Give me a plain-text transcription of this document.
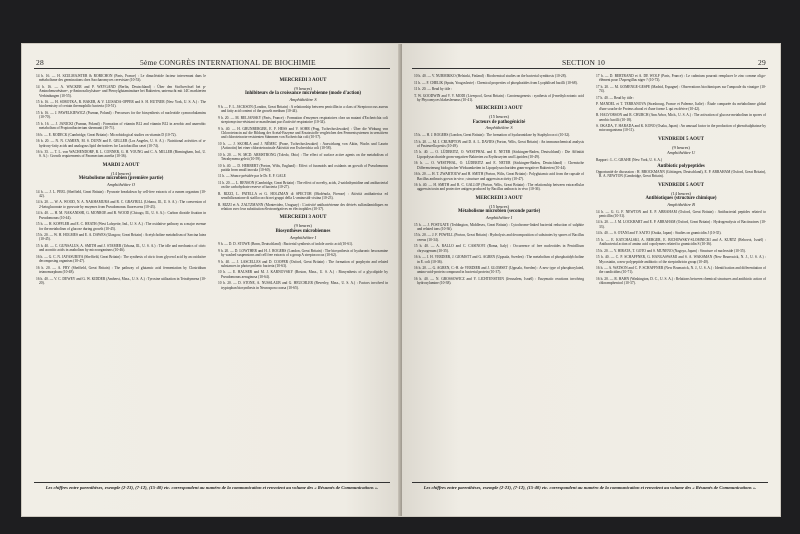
28	5ème CONGRÈS INTERNATIONAL DE BIOCHIMIE
14 b. 16. — H. SZULMAJSTER & ROBICHON (Paris, France) : Le dinucléotide facteur intervenant dans le métabolisme des germinations chez Saccharomyces cerevisiae (10-53).
14 b. 16. — A. WACKER and P. WEYGAND (Berlin, Deutschland) : Über den Stoffwechsel bei p-Aminobenzoësäure-, p-Aminosalicylsäure- und Pteroylglutaminsäure bei Bakterien, untersucht mit 14C markierten Verbindungen (10-55).
15 b. 16. — H. SOROTKA, R. BAKER, & V. LUISADA-OPPER and S. H. HUTNER (New York, U. S. A.) : The biochemistry of certain thermophilic bacteria (10-51).
15 b. 16. — J. PAWELKIEWICZ (Poznan, Poland) : Precursors for the biosynthesis of nucleotide cyanocobalamins (10-70).
15 b. 16. — J. JANICKI (Poznan, Poland) : Formation of vitamin B12 and vitamin B12 in aerobic and anaerobic metabolism of Propionibacterium shermanii (10-71).
16 b. — E. RODECK (Cambridge, Great Britain) : Microbiological studies on vitamin D (10-72).
16 b. 20. — N. N. CAMIEN, M. S. DUNN and E. GELLER (Los Angeles, U. S. A.) : Nutritional activities of α-hydroxy-fatty acids and analogous lipid derivatives for Lactobacillus casei (10-74).
16 b. 35. — T. L. von WACHENDORF, R. L. CONNER, G. H. YOUNG and C. A. MILLER (Birmingham, Ind., U. S. A.) : Growth requirements of Paramecium aurelia (10-36).
MARDI 2 AOUT
(14 heures)
Métabolisme microbien (première partie)
Amphithéâtre O
14 h. — J. L. PEEL (Sheffield, Great Britain) : Pyruvate breakdown by cell-free extracts of a rumen organism (10-42).
14 h. 20. — W. A. WOOD, N. A. NAKHAMURA and R. C. GRAYBILL (Urbana, Ill., U. S. A.) : The conversion of 2-ketogluconate to pyruvate by enzymes from Pseudomonas fluorescens (10-43).
14 h. 40. — H. M. NAKANISHI, G. MONROE and B. WOOD (Chicago, Ill., U. S. A.) : Carbon dioxide fixation in Pseudomonas (10-44).
15 h. — H. KOFFLER and E. C. HEATH (West Lafayette, Ind., U. S. A.) : The oxidative pathway as a major avenue for the metabolism of glucose during growth (10-45).
15 h. 20. — W. H. HOLMES and E. A. DAWES (Glasgow, Great Britain) : Acetylcholine metabolism of Sarcina lutea (10-45).
15 h. 40. — C. GUNSALUS, A. SMITH and J. STAMER (Urbana, Ill., U. S. A.) : The idle and mechanics of citric and aconitic acids in anabolism by microorganisms (10-46).
16 h. — G. C. N. JAYASURIYA (Sheffield, Great Britain) : The synthesis of citric from glycerol acid by an oxidative decomposing organism (10-47).
16 h. 20. — A. FRY (Sheffield, Great Britain) : The pathway of glutamic acid fermentation by Clostridium tetanomorphum (10-48).
16 h. 40. — V. C. DEWEY and G. W. KIDDER (Amherst, Mass., U. S. A.) : Tyrosine utilization in Tetrahymena (10-20).
MERCREDI 3 AOUT
(9 heures)
Inhibiteurs de la croissance microbienne (mode d'action)
Amphithéâtre S
9 h. — F. L. JACKSON (London, Great Britain) : A relationship between penicillin in a class of Streptococcus aureus and fatty acid content of the growth medium (10-44).
9 h. 20. — M. BELJANSKY (Paris, France) : Formation d'enzymes respiratoires chez un mutant d'Escherichia coli streptomycino-résistant se manifestant par d'activité respiratoire (10-34).
9 h. 40. — H. GRUNBERGER, E. F. HESS and V. SOHR (Prag, Tschechoslowakei) : Über die Wirkung von Chlorotetracin auf die Bildung der Acetal-Enzyme und Ersatzstoffe vergleichen den Fermentsystemen in sensitiven und chlorotetracin-resistenten Stämmen von Escherichia coli (10-57).
10 h. — J. SKOBLA and J. NÉMEC (Praze, Tschechoslowakei) : Auswirkung von Aktin, Wachs und Laurin (Actinotin) bei einer chlorotetracinale Aktivität von Escherichia coli (10-58).
10 h. 20. — W. MCD. ARMSTRONG (Toledo, Ohio) : The effect of surface active agents on the metabolism of Tetrahymena geleii (10-59).
10 h. 40. — D. HERBERT (Porton, Wilts, England) : Effect of furanoids and oxidants on growth of Pseudomonas putida from small inocula (10-60).
11 h. — Séance présidée par le Dr. E. F. GALE
11 h. 20. — L. BENSON (Cambridge, Great Britain) : The effect of novelty, acids, 2-azidothymidine and antibacterial on the carbohydrate reserve of bacteria (10-27).
R. RIZZI, L. PATELLA et G. HOLZMAN di SPECTOR (Modénola, Firenze) : Attività antibatterica ed sensibilizzazione di stafilococchi nei gruppi della L-aminosidi-cistina (10-23).
R. RIZZI et A. ZALTZMANN (Montevideo, Uruguay) : L'activité antibactérienne des dérivés sulfanilamidiques en relation avec leur substitution électronégatives en électrophiles (10-37).
MERCREDI 3 AOUT
(9 heures)
Biosynthèses microbiennes
Amphithéâtre I
9 h. — D. D. STOWE (Bonn, Deutschland) : Bacterial synthesis of indole acetic acid (10-61).
9 h. 20. — D. LOWTHER and H. J. ROGERS (London, Great Britain) : The biosynthesis of hyaluronic hexosamine by washed suspensions and cell free extracts of a group A streptococcus (10-62).
9 h. 40. — J. LASCELLES and D. COOPER (Oxford, Great Britain) : The formation of porphyrin and related substances in photosynthetic bacteria (10-63).
10 h. — E. HAUSER and M. J. KARNOVSKY (Boston, Mass., U. S. A.) : Biosynthesis of a glycolipide by Pseudomonas aeruginosa (10-64).
10 h. 20. — D. STONE, A. NUSSLAUB and G. HEUCHLER (Beverley, Mass., U. S. A.) : Factors involved in tryptophan biosynthesis in Neurospora crassa (10-65).
Les chiffres entre parenthèses, exemple (2-23), (7-12), (15-40) etc. correspondent au numéro de la communication et renvoient au volume des « Résumés de Communications ».
SECTION 10	29
10 h. 40. — V. NURMIKKO (Helsinki, Finland) : Biochemical studies on the bacterial symbiosis (10-28).
11 h. — F. CHELIK (Spain, Yougoslavie) : Chemical properties of phosphatides from Lyophilised bacilli (10-68).
11 h. 20. — Read by title :
T. W. GOODWIN and V. V. MODI (Liverpool, Great Britain) : Carotenogenesis : synthesis of β-methylcrotonic acid by Phycomyces blakesleeanus (10-41).
MERCREDI 3 AOUT
(15 heures)
Facteurs de pathogénicité
Amphithéâtre S
15 h. — H. J. ROGERS (London, Great Britain) : The formation of hyaluronidase by Staphylococci (10-32).
15 h. 20. — M. J. CRUMPTON and D. A. L. DAVIES (Porton, Wilts, Great Britain) : An immunochemical analysis of Pasteurella pestis (10-49).
15 h. 40. — O. LÜDERITZ, O. WESTPHAL and E. NETER (Säckingen-Baden, Deutschland) : Die Affinität Lipopolysaccharide grom-negativer Bakterien zu Erythrozyten und Lipoiden (10-49).
16 h. — O. WESTPHAL, O. LÜDERITZ and E. NETER (Säckingen-Baden, Deutschland) : Chemische Differenzierung biologischer Wirksamkeiten in Lipopolysacchariden gram-negativer Bakterien (10-44).
16 h. 20. — H. T. ZWARTOUW and H. SMITH (Porton, Wilts, Great Britain) : Polyglutamic acid from the capsule of Bacillus anthracis grown in vivo ; structure and aggressin activity (10-47).
16 h. 40. — H. SMITH and R. C. GALLOP (Porton, Wilts, Great Britain) : The relationship between extracellular aggressin toxin and protective antigen produced by Bacillus anthracis in vivo (10-36).
MERCREDI 3 AOUT
(15 heures)
Métabolisme microbien (seconde partie)
Amphithéâtre I
15 h. — J. POSTGATE (Teddington, Middlesex, Great Britain) : Cytochrome-linked bacterial reduction of sulphite and related ions (10-36).
15 h. 20. — J. F. POWELL (Porton, Great Britain) : Hydrolysis and decomposition of substrates by spores of Bacillus cereus (10-34).
15 h. 40. — A. RALLO and C. CASINOVI (Roma, Italy) : Occurrence of free nucleotides in Penicillium chrysogenum (10-35).
16 h. — J. H. VERDIER, J. GIOMSTT and G. AGREN (Uppsala, Sweden) : The metabolism of phosphatidylcholine in E. coli (10-36).
16 h. 20. — G. AGREN, C.-H. de VERDIER and J. GLOMSET (Uppsala, Sweden) : A new type of phosphorylated, amino-acid-protein compound in bacterial protein (10-37).
16 h. 40. — N. GROSSOWICZ and Y. LICHTENSTEIN (Jerusalem, Israël) : Enzymatic reactions involving hydroxylamine (10-38).
17 h. — D. BERTRAND et A. DE WOLF (Paris, France) : Le cadmium pourrait remplacer le zinc comme oligo-élément pour l'Aspergillus niger ? (10-73).
17 h. 20. — M. GOMENGE-GESPE (Madrid, Espagne) : Observations biochimiques sur l'ampoule du vinaigre (10-74).
17 h. 40. — Read by title :
P. MANDEL et T. TERRANOVA (Strasbourg, France et Palerme, Italie) : Étude comparée du métabolisme global d'une souche de Proteus aboral et d'une forme L qui en dérive (10-42).
R. HALVORSON and R. CHURCH (Ann Arbor, Mich., U. S. A.) : The activation of glucose metabolism in spores of aerobic bacilli (10-18).
S. OKADA, Y. HARADA and K. KONO (Osaka, Japan) : An unusual factor in the production of phenolsulphatase by microorganisms (10-11).
VENDREDI 5 AOUT
(9 heures)
Amphithéâtre U
Rapport : L. C. GRAHE (New York, U. S. A.)
Antibiotic polypeptides
Opportunité de discussion : H. BROCKMANN (Göttingen, Deutschland), E. P. ABRAHAM (Oxford, Great Britain), R. A. NEWTON (Cambridge, Great Britain).
VENDREDI 5 AOUT
(14 heures)
Antibiotiques (structure chimique)
Amphithéâtre B
14 h. — G. G. F. NEWTON and E. P. ABRAHAM (Oxford, Great Britain) : Antibacterial peptides related to penicillin (10-31).
14 h. 20. — J. M. LOCKHART and E. P. ABRAHAM (Oxford, Great Britain) : Hydrogenolysis of Bacitracines (10-33).
14 h. 40. — S. OTANI and Y. SAITO (Osaka, Japan) : Studies on gramicidin J (10-35).
15 h. — E. KATCHALSKI, A. BERGER, E. BICHOWSKY-SLOMNICKI and A. KURTZ (Rehovot, Israël) : Antibacterial action of amino acid copolymers related to gramicidin S (10-36).
15 h. 20. — Y. HIRATA, T. GOTO and S. MUNENO (Nagoya, Japan) : Structure of nucleoside (10-35).
15 h. 40. — C. P. SCHAFFNER, G. HANGASWAMI and S. A. WAKSMAN (New Brunswick, N. J., U. S. A.) : Mycostatin, a new polypeptide antibiotic of the streptothricin group (10-40).
16 h. — A. WATSON and C. P. SCHAFFNER (New Brunswick, N. J., U. S. A.) : Identification and differentiation of the candicidins (10-71).
16 h. 20. — R. HAHN (Washington, D. C., U. S. A.) : Relations between chemical structures and antibiotic action of chloramphenicol (10-37).
Les chiffres entre parenthèses, exemple (2-23), (7-12), (15-40) etc. correspondent au numéro de la communication et renvoient au volume des « Résumés de Communications ».
